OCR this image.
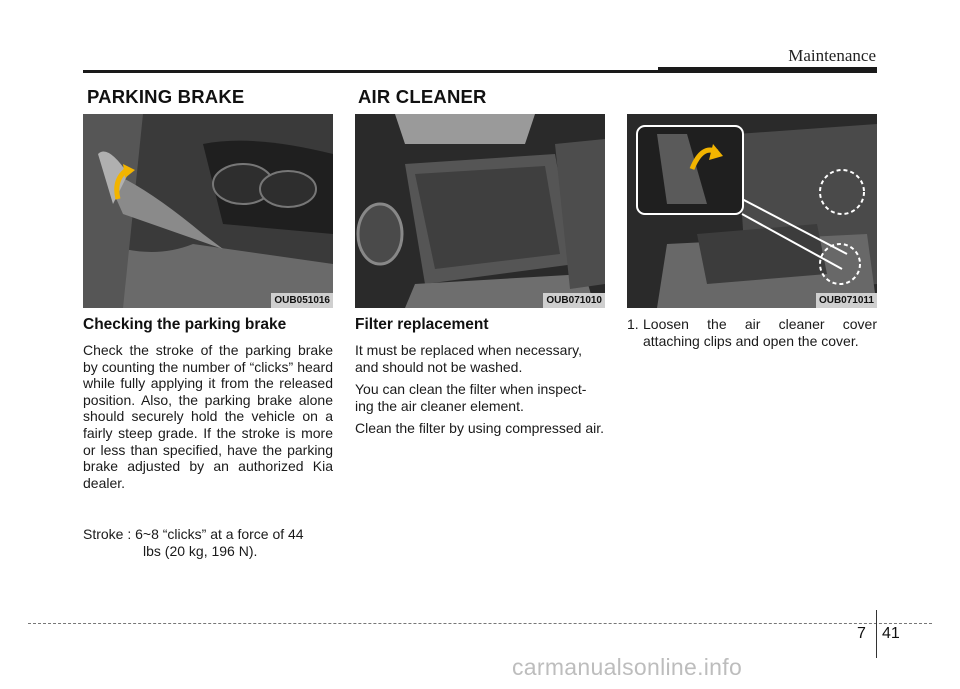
Maintenance
PARKING BRAKE	AIR CLEANER
OUB051016	OUB071010	OUB071011
Checking the parking brake
Check the stroke of the parking brake by counting the number of “clicks” heard while fully applying it from the released position. Also, the parking brake alone should securely hold the vehicle on a fairly steep grade. If the stroke is more or less than specified, have the parking brake adjusted by an authorized Kia dealer.
Stroke : 6~8 “clicks” at a force of 44
lbs (20 kg, 196 N).
Filter replacement

It must be replaced when necessary, and should not be washed.

You can clean the filter when inspect-ing the air cleaner element.

Clean the filter by using compressed air.

1. Loosen the air cleaner cover attaching clips and open the cover.
7 41
carmanualsonline.info
